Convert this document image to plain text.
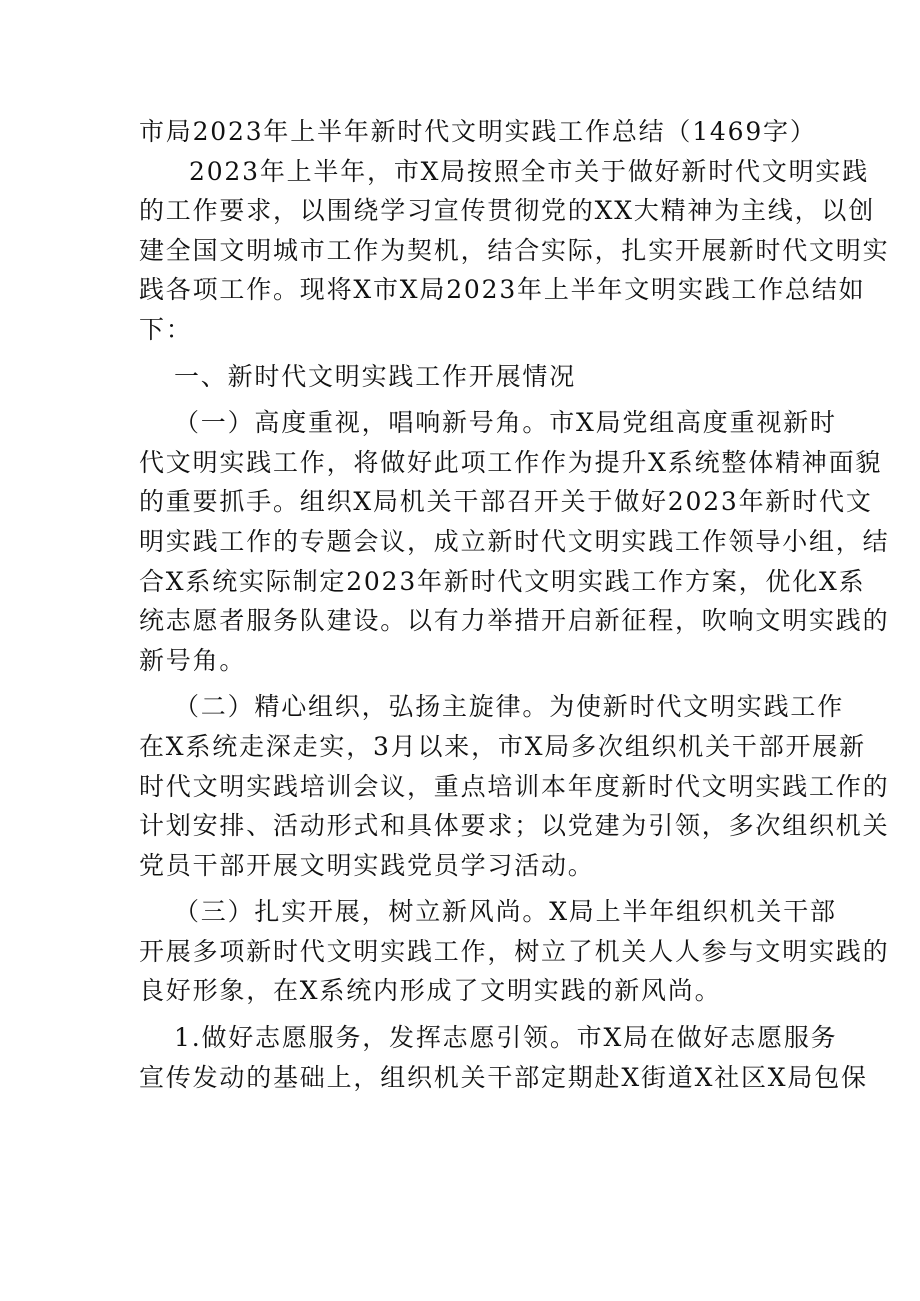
市局2023年上半年新时代文明实践工作总结（1469字）
2023年上半年，市X局按照全市关于做好新时代文明实践
的工作要求，以围绕学习宣传贯彻党的XX大精神为主线，以创
建全国文明城市工作为契机，结合实际，扎实开展新时代文明实
践各项工作。现将X市X局2023年上半年文明实践工作总结如
下：
一、新时代文明实践工作开展情况
（一）高度重视，唱响新号角。市X局党组高度重视新时
代文明实践工作，将做好此项工作作为提升X系统整体精神面貌
的重要抓手。组织X局机关干部召开关于做好2023年新时代文
明实践工作的专题会议，成立新时代文明实践工作领导小组，结
合X系统实际制定2023年新时代文明实践工作方案，优化X系
统志愿者服务队建设。以有力举措开启新征程，吹响文明实践的
新号角。
（二）精心组织，弘扬主旋律。为使新时代文明实践工作
在X系统走深走实，3月以来，市X局多次组织机关干部开展新
时代文明实践培训会议，重点培训本年度新时代文明实践工作的
计划安排、活动形式和具体要求；以党建为引领，多次组织机关
党员干部开展文明实践党员学习活动。
（三）扎实开展，树立新风尚。X局上半年组织机关干部
开展多项新时代文明实践工作，树立了机关人人参与文明实践的
良好形象，在X系统内形成了文明实践的新风尚。
1.做好志愿服务，发挥志愿引领。市X局在做好志愿服务
宣传发动的基础上，组织机关干部定期赴X街道X社区X局包保
